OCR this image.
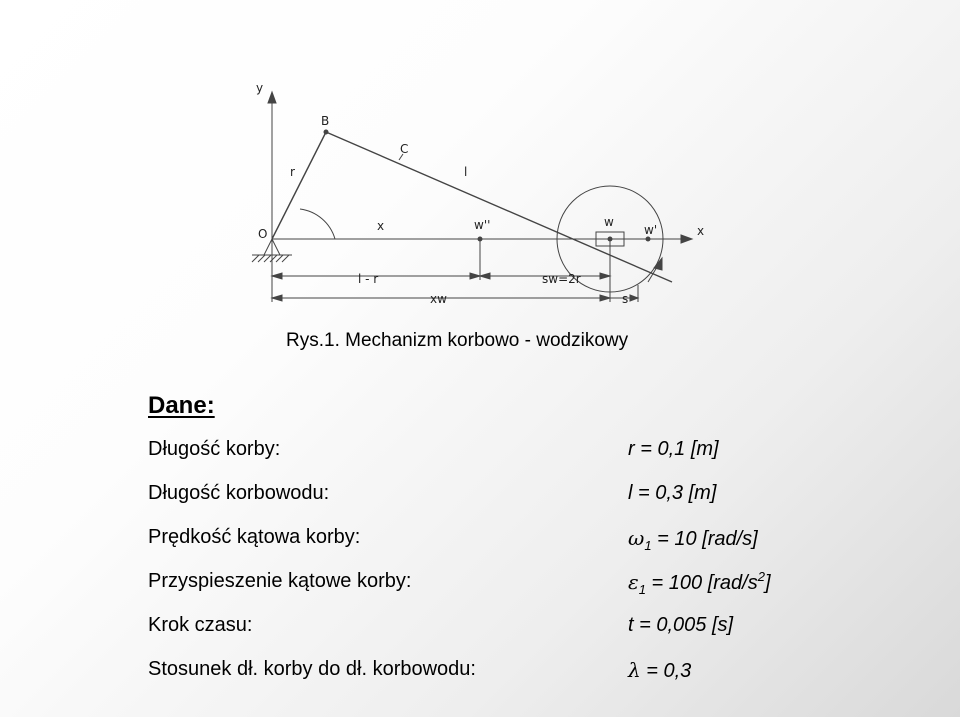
y
x
O
B
C
r	l
x	w''	w
w'
l - r	sw=2r
xw	s
Rys.1. Mechanizm korbowo - wodzikowy
Dane:
Długość korby:	r = 0,1 [m]
Długość korbowodu:	l = 0,3 [m]
Prędkość kątowa korby:	$\omega_1 = 10$ [rad/s]
Przyspieszenie kątowe korby:	$\varepsilon_1 = 100$ $[rad/s^2]$
Krok czasu:	t = 0,005 [s]
Stosunek dł. korby do dł. korbowodu:	λ = 0,3
